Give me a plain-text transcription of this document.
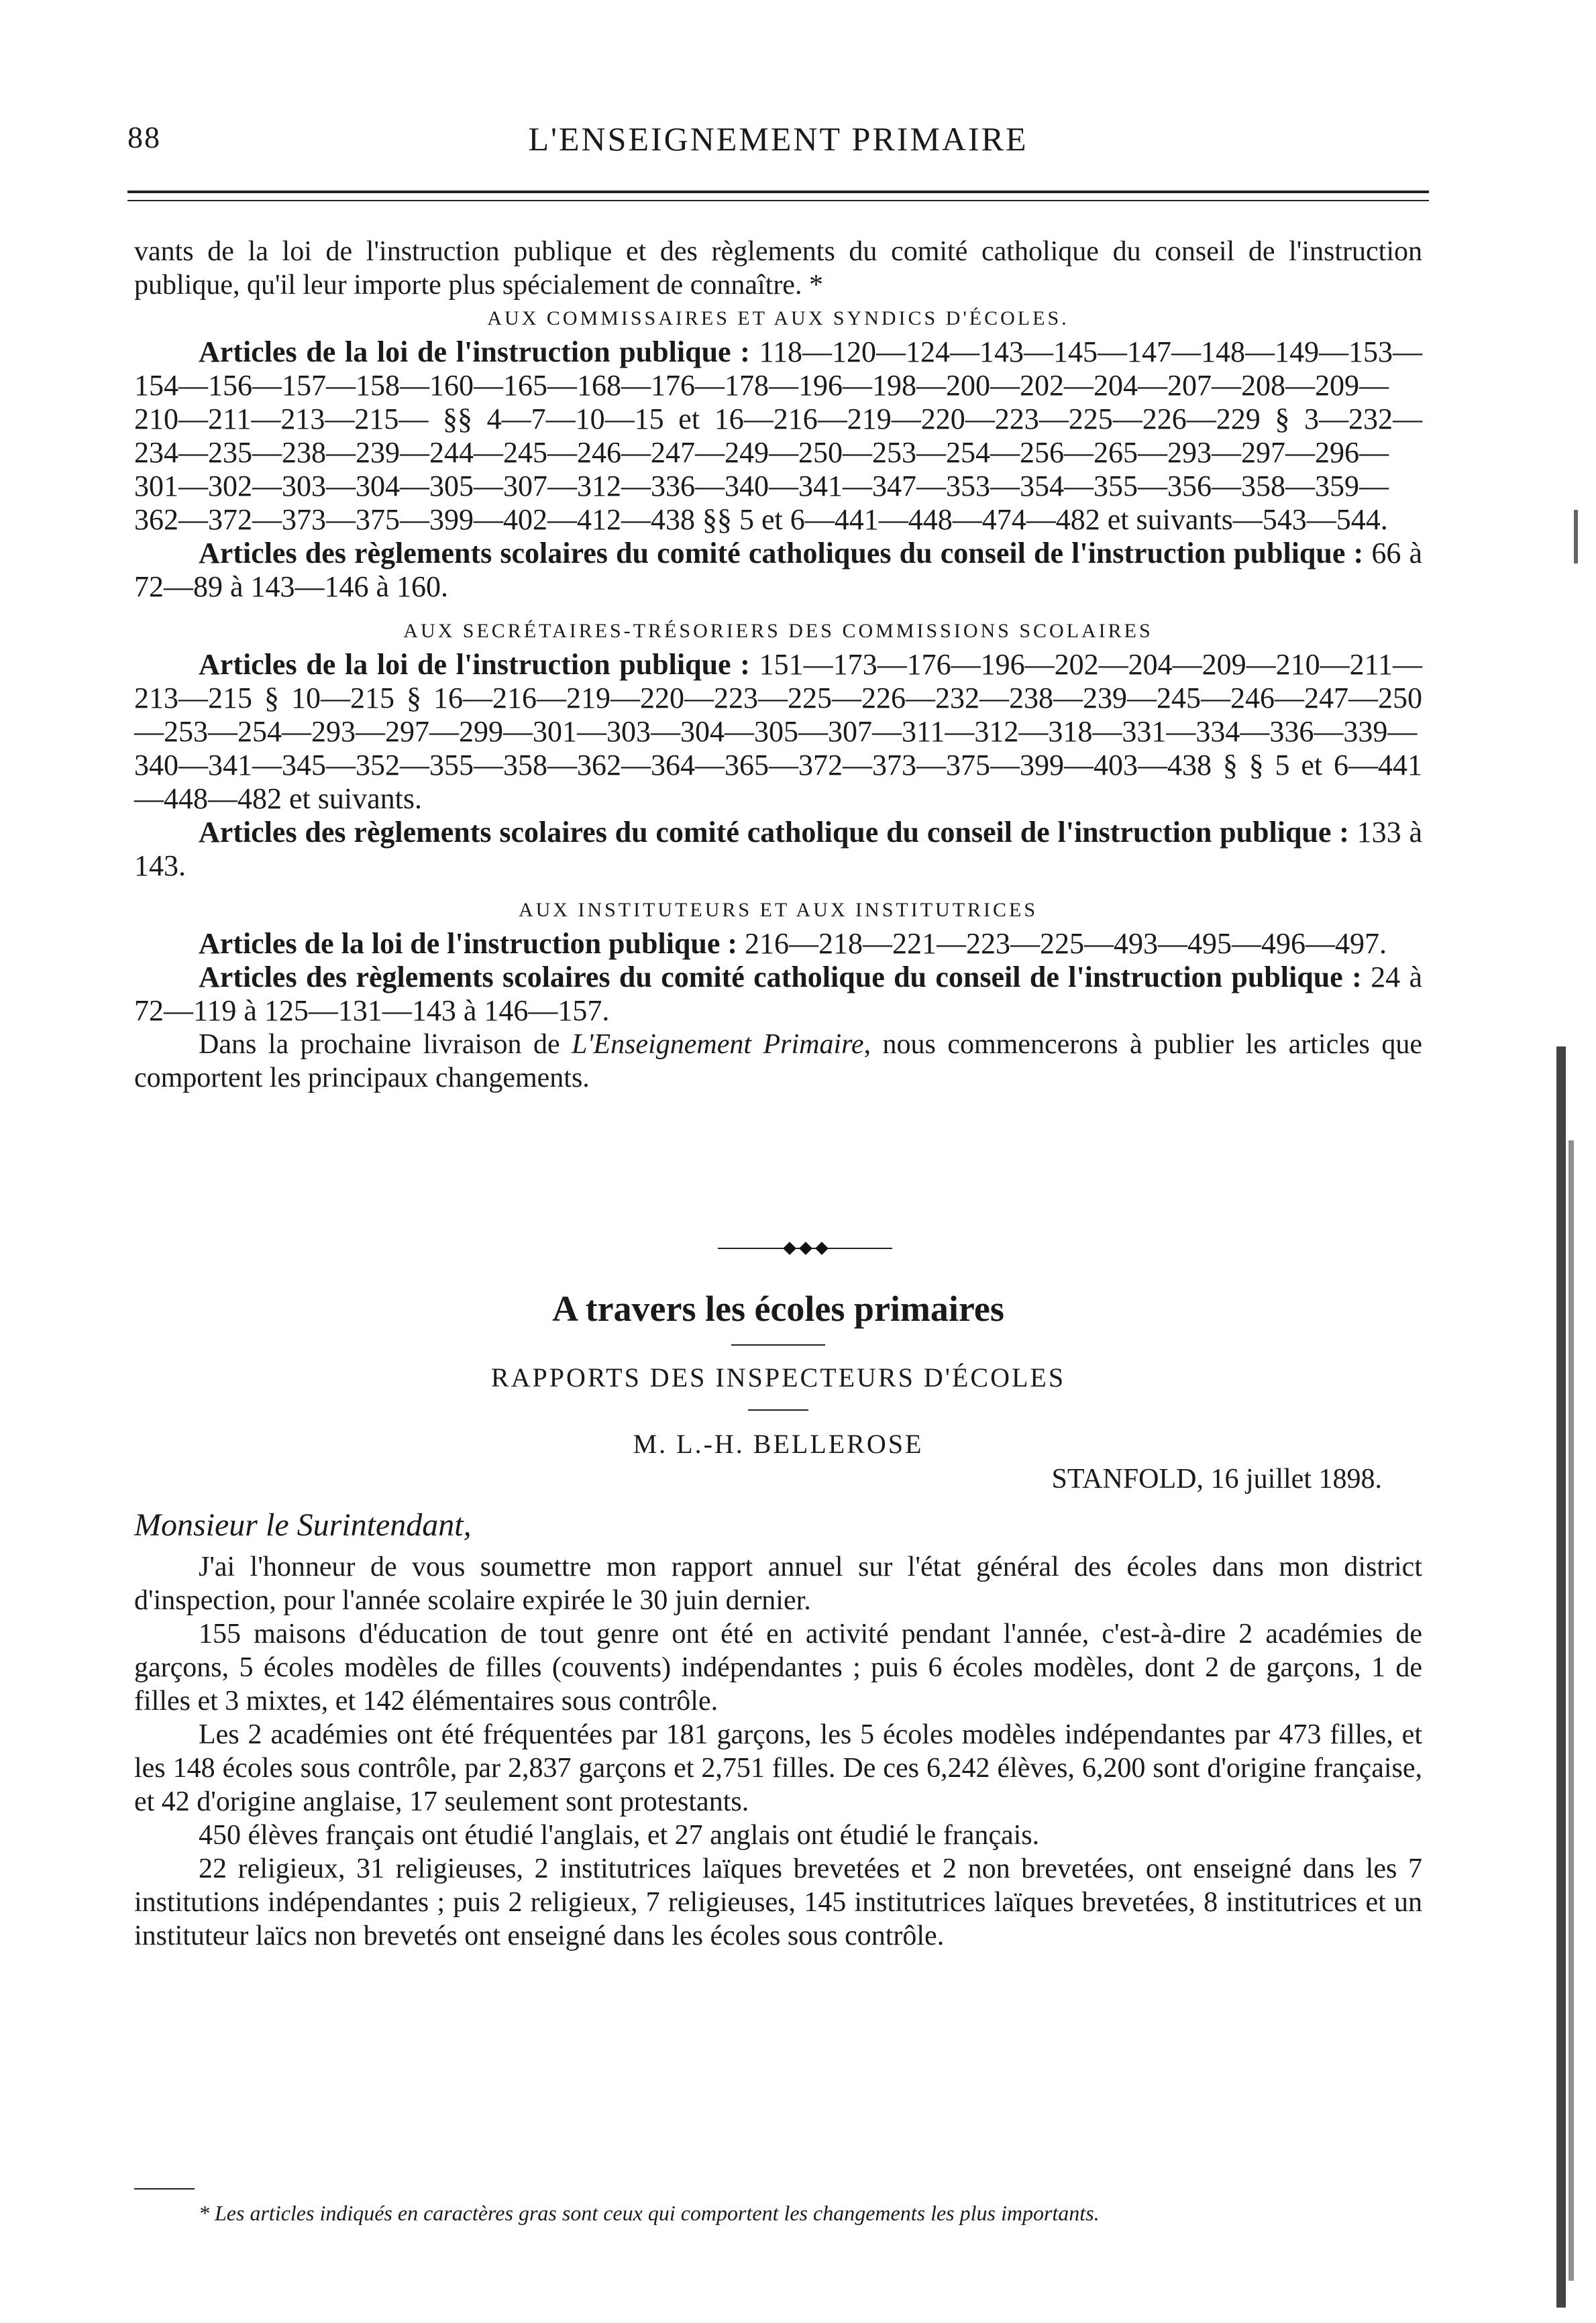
88	L'ENSEIGNEMENT PRIMAIRE

vants de la loi de l'instruction publique et des règlements du comité catholique du conseil de l'instruction publique, qu'il leur importe plus spécialement de connaître. *

AUX COMMISSAIRES ET AUX SYNDICS D'ÉCOLES.

Articles de la loi de l'instruction publique : 118—120—124—143—145—147—148—149—153—154—156—157—158—160—165—168—176—178—196—198—200—202—204—207—208—209—210—211—213—215— §§ 4—7—10—15 et 16—216—219—220—223—225—226—229 § 3—232—234—235—238—239—244—245—246—247—249—250—253—254—256—265—293—297—296—301—302—303—304—305—307—312—336—340—341—347—353—354—355—356—358—359—362—372—373—375—399—402—412—438 §§ 5 et 6—441—448—474—482 et suivants—543—544.

Articles des règlements scolaires du comité catholiques du conseil de l'instruction publique : 66 à 72—89 à 143—146 à 160.

AUX SECRÉTAIRES-TRÉSORIERS DES COMMISSIONS SCOLAIRES

Articles de la loi de l'instruction publique : 151—173—176—196—202—204—209—210—211—213—215 § 10—215 § 16—216—219—220—223—225—226—232—238—239—245—246—247—250—253—254—293—297—299—301—303—304—305—307—311—312—318—331—334—336—339—340—341—345—352—355—358—362—364—365—372—373—375—399—403—438 § § 5 et 6—441—448—482 et suivants.

Articles des règlements scolaires du comité catholique du conseil de l'instruction publique : 133 à 143.

AUX INSTITUTEURS ET AUX INSTITUTRICES

Articles de la loi de l'instruction publique : 216—218—221—223—225—493—495—496—497.

Articles des règlements scolaires du comité catholique du conseil de l'instruction publique : 24 à 72—119 à 125—131—143 à 146—157.

Dans la prochaine livraison de L'Enseignement Primaire, nous commencerons à publier les articles que comportent les principaux changements.

A travers les écoles primaires

RAPPORTS DES INSPECTEURS D'ÉCOLES

M. L.-H. BELLEROSE

STANFOLD, 16 juillet 1898.

Monsieur le Surintendant,

J'ai l'honneur de vous soumettre mon rapport annuel sur l'état général des écoles dans mon district d'inspection, pour l'année scolaire expirée le 30 juin dernier.

155 maisons d'éducation de tout genre ont été en activité pendant l'année, c'est-à-dire 2 académies de garçons, 5 écoles modèles de filles (couvents) indépendantes ; puis 6 écoles modèles, dont 2 de garçons, 1 de filles et 3 mixtes, et 142 élémentaires sous contrôle.

Les 2 académies ont été fréquentées par 181 garçons, les 5 écoles modèles indépendantes par 473 filles, et les 148 écoles sous contrôle, par 2,837 garçons et 2,751 filles. De ces 6,242 élèves, 6,200 sont d'origine française, et 42 d'origine anglaise, 17 seulement sont protestants.

450 élèves français ont étudié l'anglais, et 27 anglais ont étudié le français.

22 religieux, 31 religieuses, 2 institutrices laïques brevetées et 2 non brevetées, ont enseigné dans les 7 institutions indépendantes ; puis 2 religieux, 7 religieuses, 145 institutrices laïques brevetées, 8 institutrices et un instituteur laïcs non brevetés ont enseigné dans les écoles sous contrôle.

* Les articles indiqués en caractères gras sont ceux qui comportent les changements les plus importants.
